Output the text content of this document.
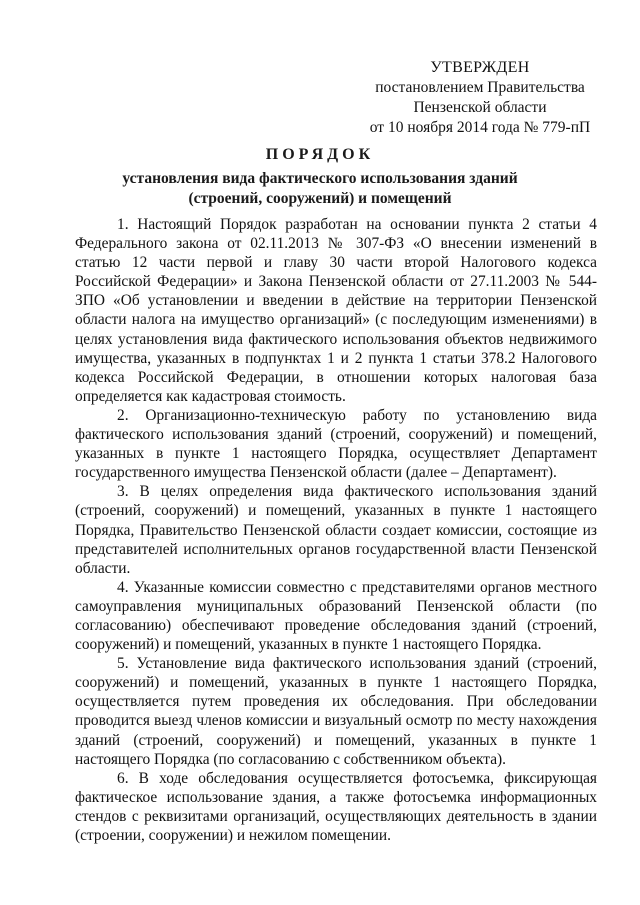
УТВЕРЖДЕН
постановлением Правительства
Пензенской области
от 10 ноября 2014 года № 779-пП
ПОРЯДОК
установления вида фактического использования зданий
(строений, сооружений) и помещений

1. Настоящий Порядок разработан на основании пункта 2 статьи 4 Федерального закона от 02.11.2013 № 307-ФЗ «О внесении изменений в статью 12 части первой и главу 30 части второй Налогового кодекса Российской Федерации» и Закона Пензенской области от 27.11.2003 № 544-ЗПО «Об установлении и введении в действие на территории Пензенской области налога на имущество организаций» (с последующим изменениями) в целях установления вида фактического использования объектов недвижимого имущества, указанных в подпунктах 1 и 2 пункта 1 статьи 378.2 Налогового кодекса Российской Федерации, в отношении которых налоговая база определяется как кадастровая стоимость.

2. Организационно-техническую работу по установлению вида фактического использования зданий (строений, сооружений) и помещений, указанных в пункте 1 настоящего Порядка, осуществляет Департамент государственного имущества Пензенской области (далее – Департамент).

3. В целях определения вида фактического использования зданий (строений, сооружений) и помещений, указанных в пункте 1 настоящего Порядка, Правительство Пензенской области создает комиссии, состоящие из представителей исполнительных органов государственной власти Пензенской области.

4. Указанные комиссии совместно с представителями органов местного самоуправления муниципальных образований Пензенской области (по согласованию) обеспечивают проведение обследования зданий (строений, сооружений) и помещений, указанных в пункте 1 настоящего Порядка.

5. Установление вида фактического использования зданий (строений, сооружений) и помещений, указанных в пункте 1 настоящего Порядка, осуществляется путем проведения их обследования. При обследовании проводится выезд членов комиссии и визуальный осмотр по месту нахождения зданий (строений, сооружений) и помещений, указанных в пункте 1 настоящего Порядка (по согласованию с собственником объекта).

6. В ходе обследования осуществляется фотосъемка, фиксирующая фактическое использование здания, а также фотосъемка информационных стендов с реквизитами организаций, осуществляющих деятельность в здании (строении, сооружении) и нежилом помещении.
